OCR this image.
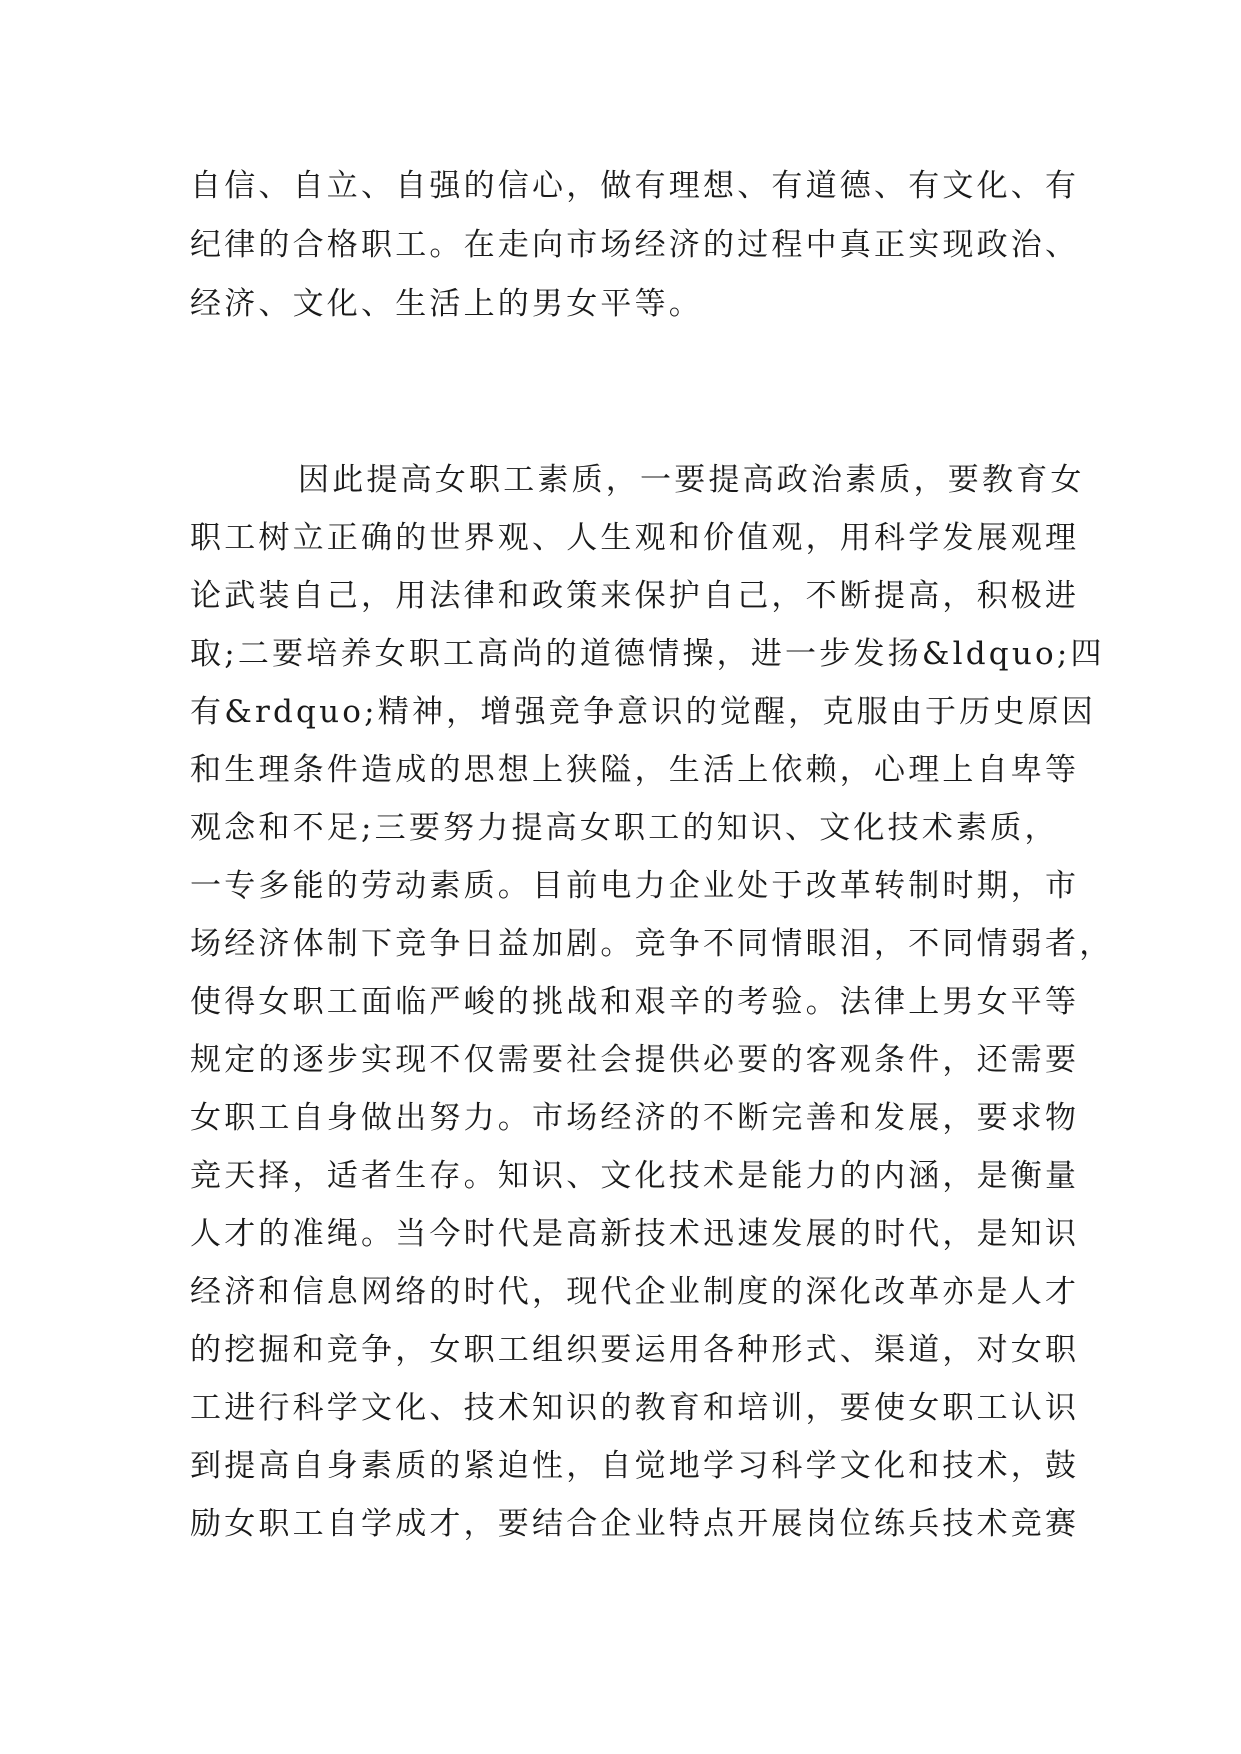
自信、自立、自强的信心，做有理想、有道德、有文化、有
纪律的合格职工。在走向市场经济的过程中真正实现政治、
经济、文化、生活上的男女平等。
因此提高女职工素质，一要提高政治素质，要教育女
职工树立正确的世界观、人生观和价值观，用科学发展观理
论武装自己，用法律和政策来保护自己，不断提高，积极进
取;二要培养女职工高尚的道德情操，进一步发扬&ldquo;四
有&rdquo;精神，增强竞争意识的觉醒，克服由于历史原因
和生理条件造成的思想上狭隘，生活上依赖，心理上自卑等
观念和不足;三要努力提高女职工的知识、文化技术素质，
一专多能的劳动素质。目前电力企业处于改革转制时期，市
场经济体制下竞争日益加剧。竞争不同情眼泪，不同情弱者，
使得女职工面临严峻的挑战和艰辛的考验。法律上男女平等
规定的逐步实现不仅需要社会提供必要的客观条件，还需要
女职工自身做出努力。市场经济的不断完善和发展，要求物
竞天择，适者生存。知识、文化技术是能力的内涵，是衡量
人才的准绳。当今时代是高新技术迅速发展的时代，是知识
经济和信息网络的时代，现代企业制度的深化改革亦是人才
的挖掘和竞争，女职工组织要运用各种形式、渠道，对女职
工进行科学文化、技术知识的教育和培训，要使女职工认识
到提高自身素质的紧迫性，自觉地学习科学文化和技术，鼓
励女职工自学成才，要结合企业特点开展岗位练兵技术竞赛
